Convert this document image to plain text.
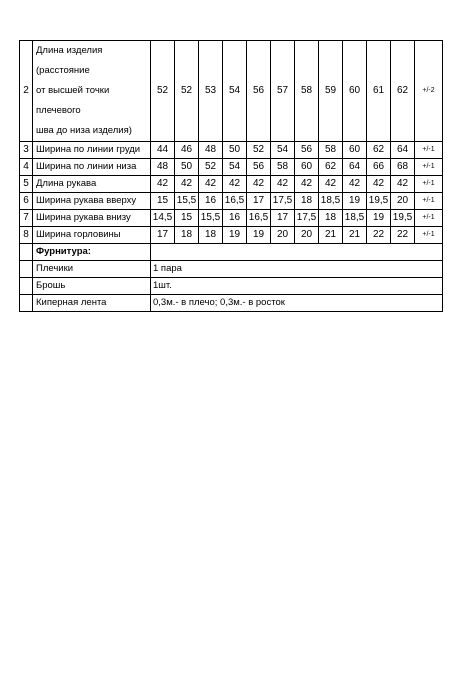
2	Длина изделия (расстояние
от высшей точки плечевого
шва до низа изделия)	52	52	53	54	56	57	58	59	60	61	62	+/-2
3	Ширина по линии груди	44	46	48	50	52	54	56	58	60	62	64	+/-1
4	Ширина по линии низа	48	50	52	54	56	58	60	62	64	66	68	+/-1
5	Длина рукава	42	42	42	42	42	42	42	42	42	42	42	+/-1
6	Ширина рукава вверху	15	15,5	16	16,5	17	17,5	18	18,5	19	19,5	20	+/-1
7	Ширина рукава внизу	14,5	15	15,5	16	16,5	17	17,5	18	18,5	19	19,5	+/-1
8	Ширина горловины	17	18	18	19	19	20	20	21	21	22	22	+/-1
	Фурнитура:												
	Плечики	1 пара											
	Брошь	1шт.											
	Киперная лента	0,3м.- в плечо; 0,3м.- в росток											
